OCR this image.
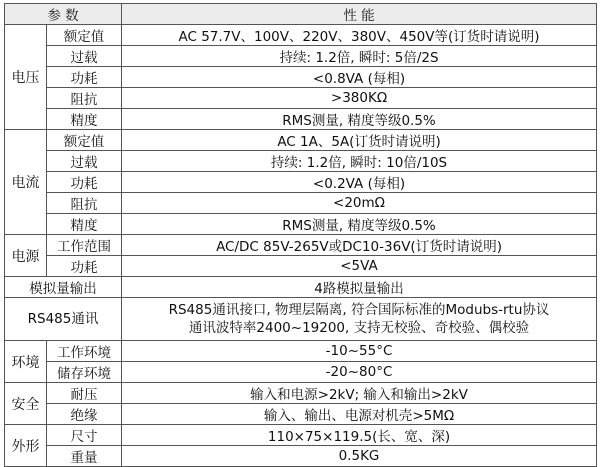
参 数		性 能
电压	额定值	AC 57.7V、100V、220V、380V、450V等(订货时请说明)
	过载	持续: 1.2倍, 瞬时: 5倍/2S
	功耗	<0.8VA (每相)
	阻抗	>380KΩ
	精度	RMS测量, 精度等级0.5%
电流	额定值	AC 1A、5A(订货时请说明)
	过载	持续: 1.2倍, 瞬时: 10倍/10S
	功耗	<0.2VA (每相)
	阻抗	<20mΩ
	精度	RMS测量, 精度等级0.5%
电源	工作范围	AC/DC 85V-265V或DC10-36V(订货时请说明)
	功耗	<5VA
模拟量输出		4路模拟量输出
RS485通讯		RS485通讯接口, 物理层隔离, 符合国际标准的Modubs-rtu协议
通讯波特率2400~19200, 支持无校验、奇校验、偶校验

环境	工作环境	-10~55°C
	储存环境	-20~80°C
安全	耐压	输入和电源>2kV; 输入和输出>2kV
	绝缘	输入、输出、电源对机壳>5MΩ
外形	尺寸	110×75×119.5(长、宽、深)
	重量	0.5KG
